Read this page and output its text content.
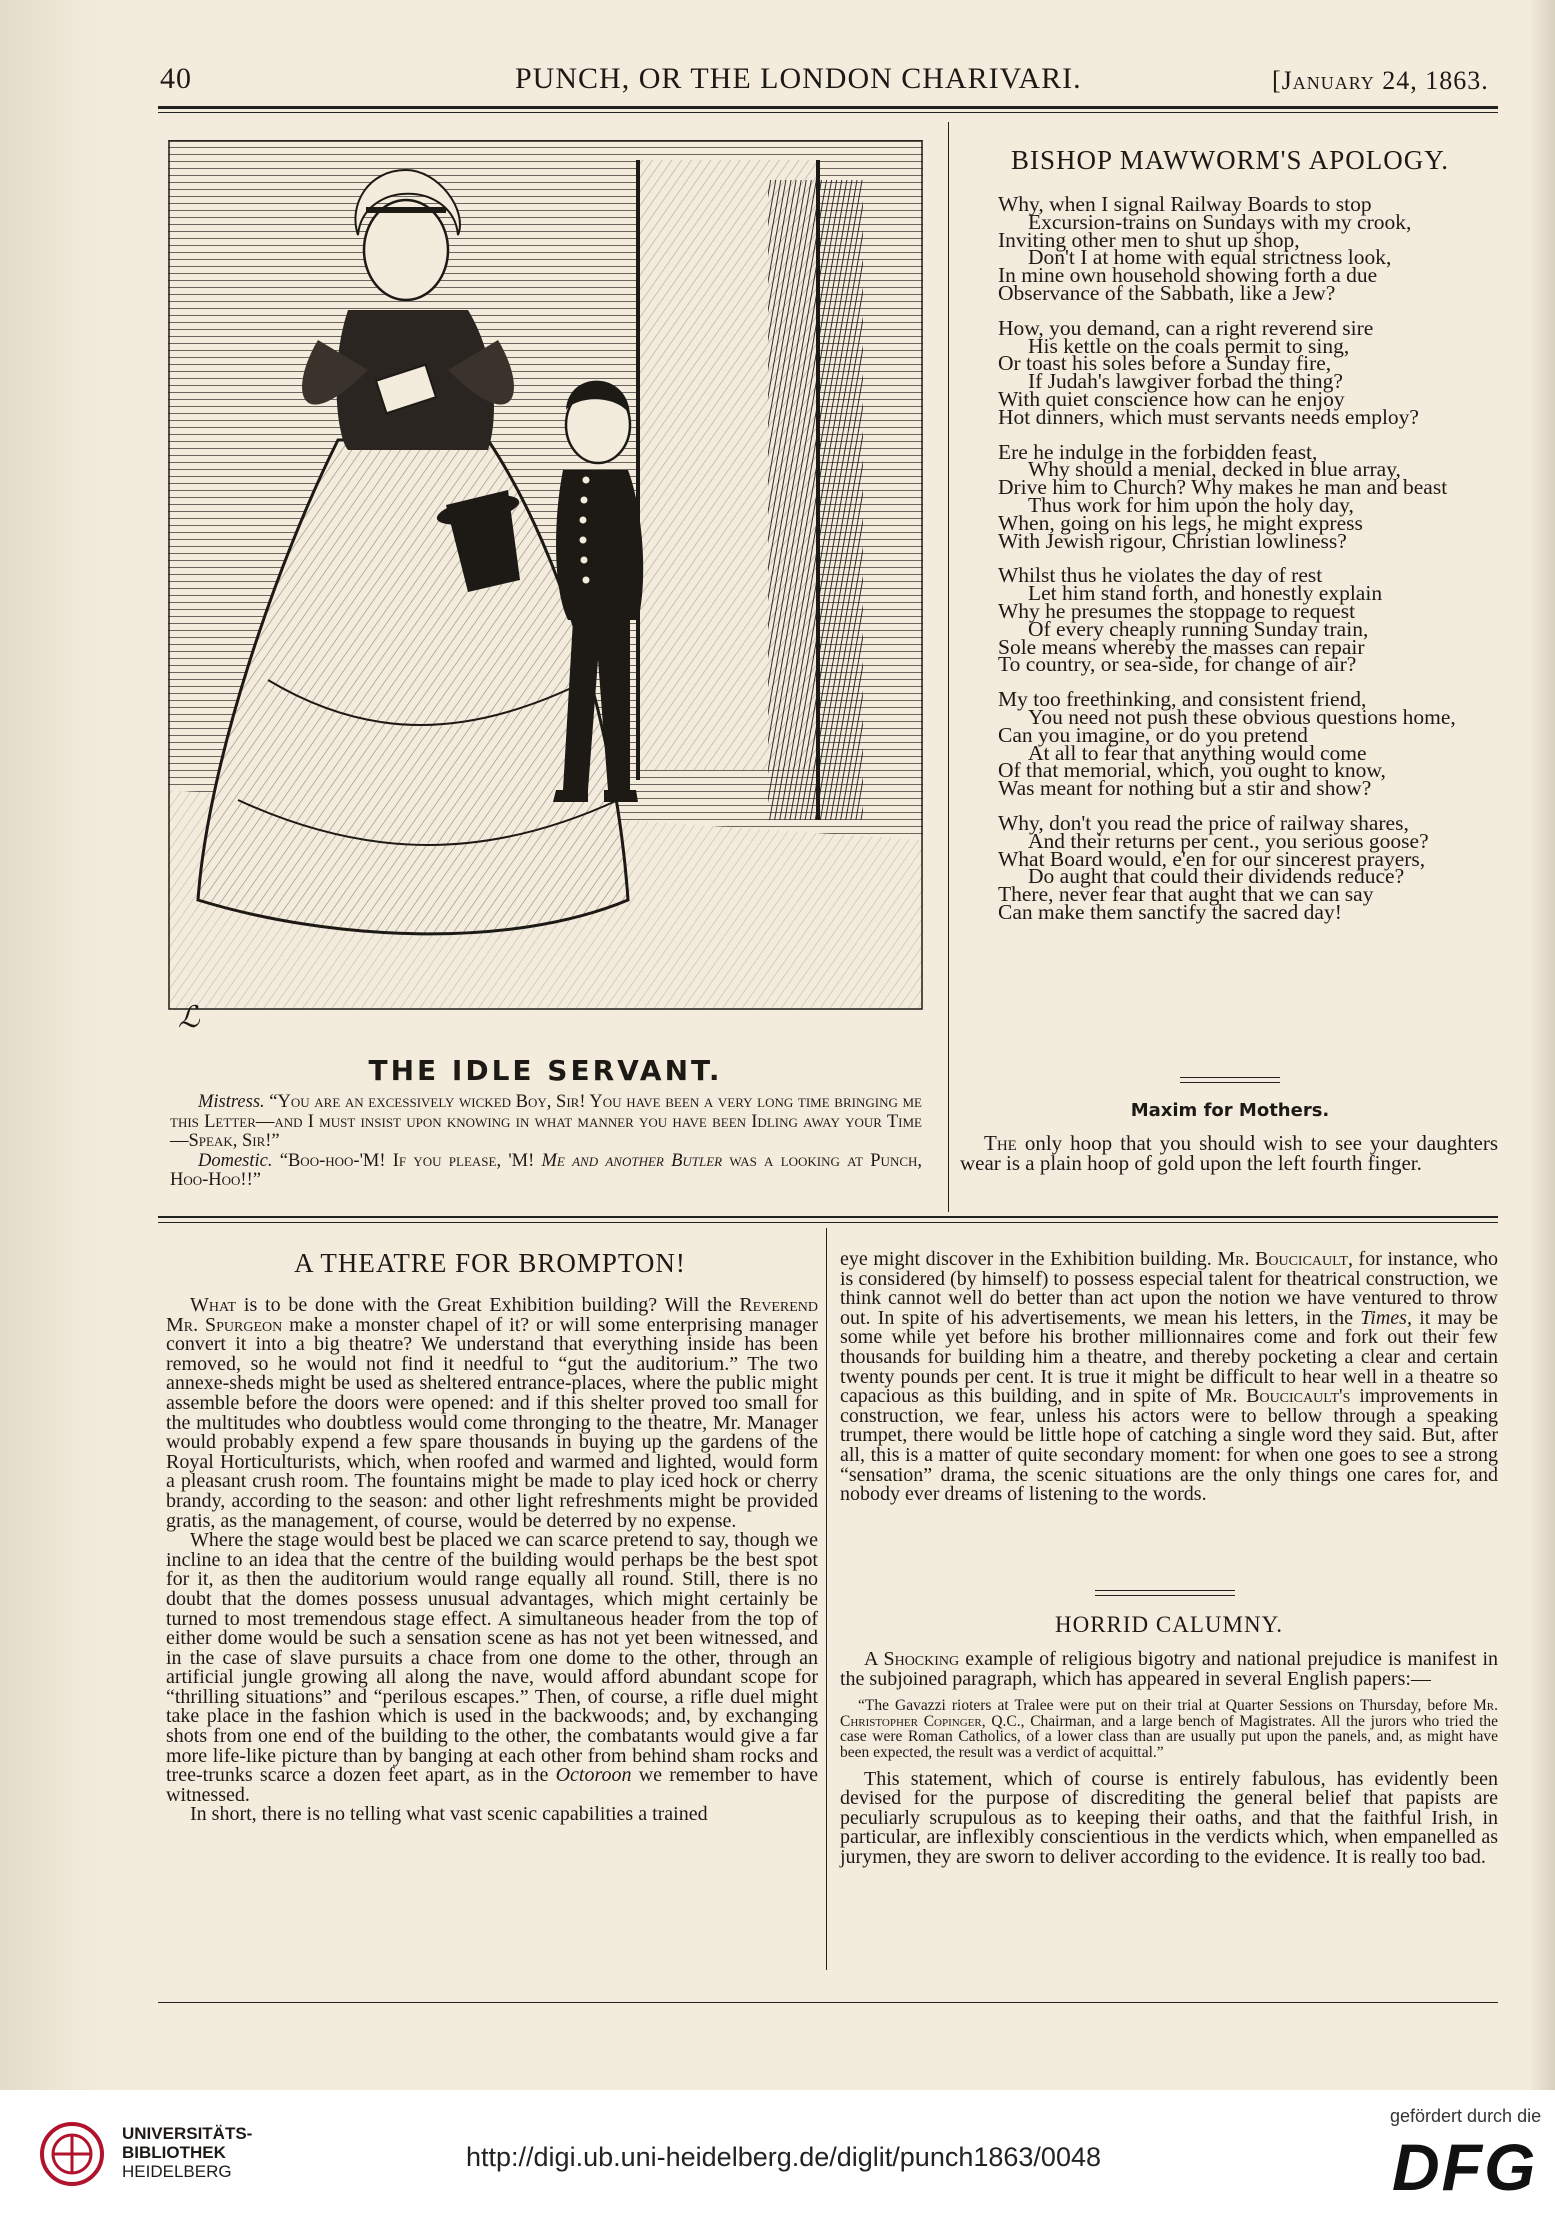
40	PUNCH, OR THE LONDON CHARIVARI.	[January 24, 1863.
ℒ
THE IDLE SERVANT.

Mistress. “You are an excessively wicked Boy, Sir! You have been a very long time bringing me this Letter—and I must insist upon knowing in what manner you have been Idling away your Time—Speak, Sir!”

Domestic. “Boo-hoo-'M! If you please, 'M! Me and another Butler was a looking at Punch, Hoo-Hoo!!”

BISHOP MAWWORM'S APOLOGY.
Why, when I signal Railway Boards to stop
Excursion-trains on Sundays with my crook,
Inviting other men to shut up shop,
Don't I at home with equal strictness look,
In mine own household showing forth a due
Observance of the Sabbath, like a Jew?
How, you demand, can a right reverend sire
His kettle on the coals permit to sing,
Or toast his soles before a Sunday fire,
If Judah's lawgiver forbad the thing?
With quiet conscience how can he enjoy
Hot dinners, which must servants needs employ?
Ere he indulge in the forbidden feast,
Why should a menial, decked in blue array,
Drive him to Church? Why makes he man and beast
Thus work for him upon the holy day,
When, going on his legs, he might express
With Jewish rigour, Christian lowliness?
Whilst thus he violates the day of rest
Let him stand forth, and honestly explain
Why he presumes the stoppage to request
Of every cheaply running Sunday train,
Sole means whereby the masses can repair
To country, or sea-side, for change of air?
My too freethinking, and consistent friend,
You need not push these obvious questions home,
Can you imagine, or do you pretend
At all to fear that anything would come
Of that memorial, which, you ought to know,
Was meant for nothing but a stir and show?
Why, don't you read the price of railway shares,
And their returns per cent., you serious goose?
What Board would, e'en for our sincerest prayers,
Do aught that could their dividends reduce?
There, never fear that aught that we can say
Can make them sanctify the sacred day!
Maxim for Mothers.

The only hoop that you should wish to see your daughters wear is a plain hoop of gold upon the left fourth finger.

A THEATRE FOR BROMPTON!

What is to be done with the Great Exhibition building? Will the Reverend Mr. Spurgeon make a monster chapel of it? or will some enterprising manager convert it into a big theatre? We understand that everything inside has been removed, so he would not find it needful to “gut the auditorium.” The two annexe-sheds might be used as sheltered entrance-places, where the public might assemble before the doors were opened: and if this shelter proved too small for the multitudes who doubtless would come thronging to the theatre, Mr. Manager would probably expend a few spare thousands in buying up the gardens of the Royal Horticulturists, which, when roofed and warmed and lighted, would form a pleasant crush room. The fountains might be made to play iced hock or cherry brandy, according to the season: and other light refreshments might be provided gratis, as the management, of course, would be deterred by no expense.

Where the stage would best be placed we can scarce pretend to say, though we incline to an idea that the centre of the building would perhaps be the best spot for it, as then the auditorium would range equally all round. Still, there is no doubt that the domes possess unusual advantages, which might certainly be turned to most tremendous stage effect. A simultaneous header from the top of either dome would be such a sensation scene as has not yet been witnessed, and in the case of slave pursuits a chace from one dome to the other, through an artificial jungle growing all along the nave, would afford abundant scope for “thrilling situations” and “perilous escapes.” Then, of course, a rifle duel might take place in the fashion which is used in the backwoods; and, by exchanging shots from one end of the building to the other, the combatants would give a far more life-like picture than by banging at each other from behind sham rocks and tree-trunks scarce a dozen feet apart, as in the Octoroon we remember to have witnessed.

In short, there is no telling what vast scenic capabilities a trained

eye might discover in the Exhibition building. Mr. Boucicault, for instance, who is considered (by himself) to possess especial talent for theatrical construction, we think cannot well do better than act upon the notion we have ventured to throw out. In spite of his advertisements, we mean his letters, in the Times, it may be some while yet before his brother millionnaires come and fork out their few thousands for building him a theatre, and thereby pocketing a clear and certain twenty pounds per cent. It is true it might be difficult to hear well in a theatre so capacious as this building, and in spite of Mr. Boucicault's improvements in construction, we fear, unless his actors were to bellow through a speaking trumpet, there would be little hope of catching a single word they said. But, after all, this is a matter of quite secondary moment: for when one goes to see a strong “sensation” drama, the scenic situations are the only things one cares for, and nobody ever dreams of listening to the words.

HORRID CALUMNY.

A Shocking example of religious bigotry and national prejudice is manifest in the subjoined paragraph, which has appeared in several English papers:—

“The Gavazzi rioters at Tralee were put on their trial at Quarter Sessions on Thursday, before Mr. Christopher Copinger, Q.C., Chairman, and a large bench of Magistrates. All the jurors who tried the case were Roman Catholics, of a lower class than are usually put upon the panels, and, as might have been expected, the result was a verdict of acquittal.”

This statement, which of course is entirely fabulous, has evidently been devised for the purpose of discrediting the general belief that papists are peculiarly scrupulous as to keeping their oaths, and that the faithful Irish, in particular, are inflexibly conscientious in the verdicts which, when empanelled as jurymen, they are sworn to deliver according to the evidence. It is really too bad.

UNIVERSITÄTS-
BIBLIOTHEK
HEIDELBERG	http://digi.ub.uni-heidelberg.de/diglit/punch1863/0048
gefördert durch die
DFG
